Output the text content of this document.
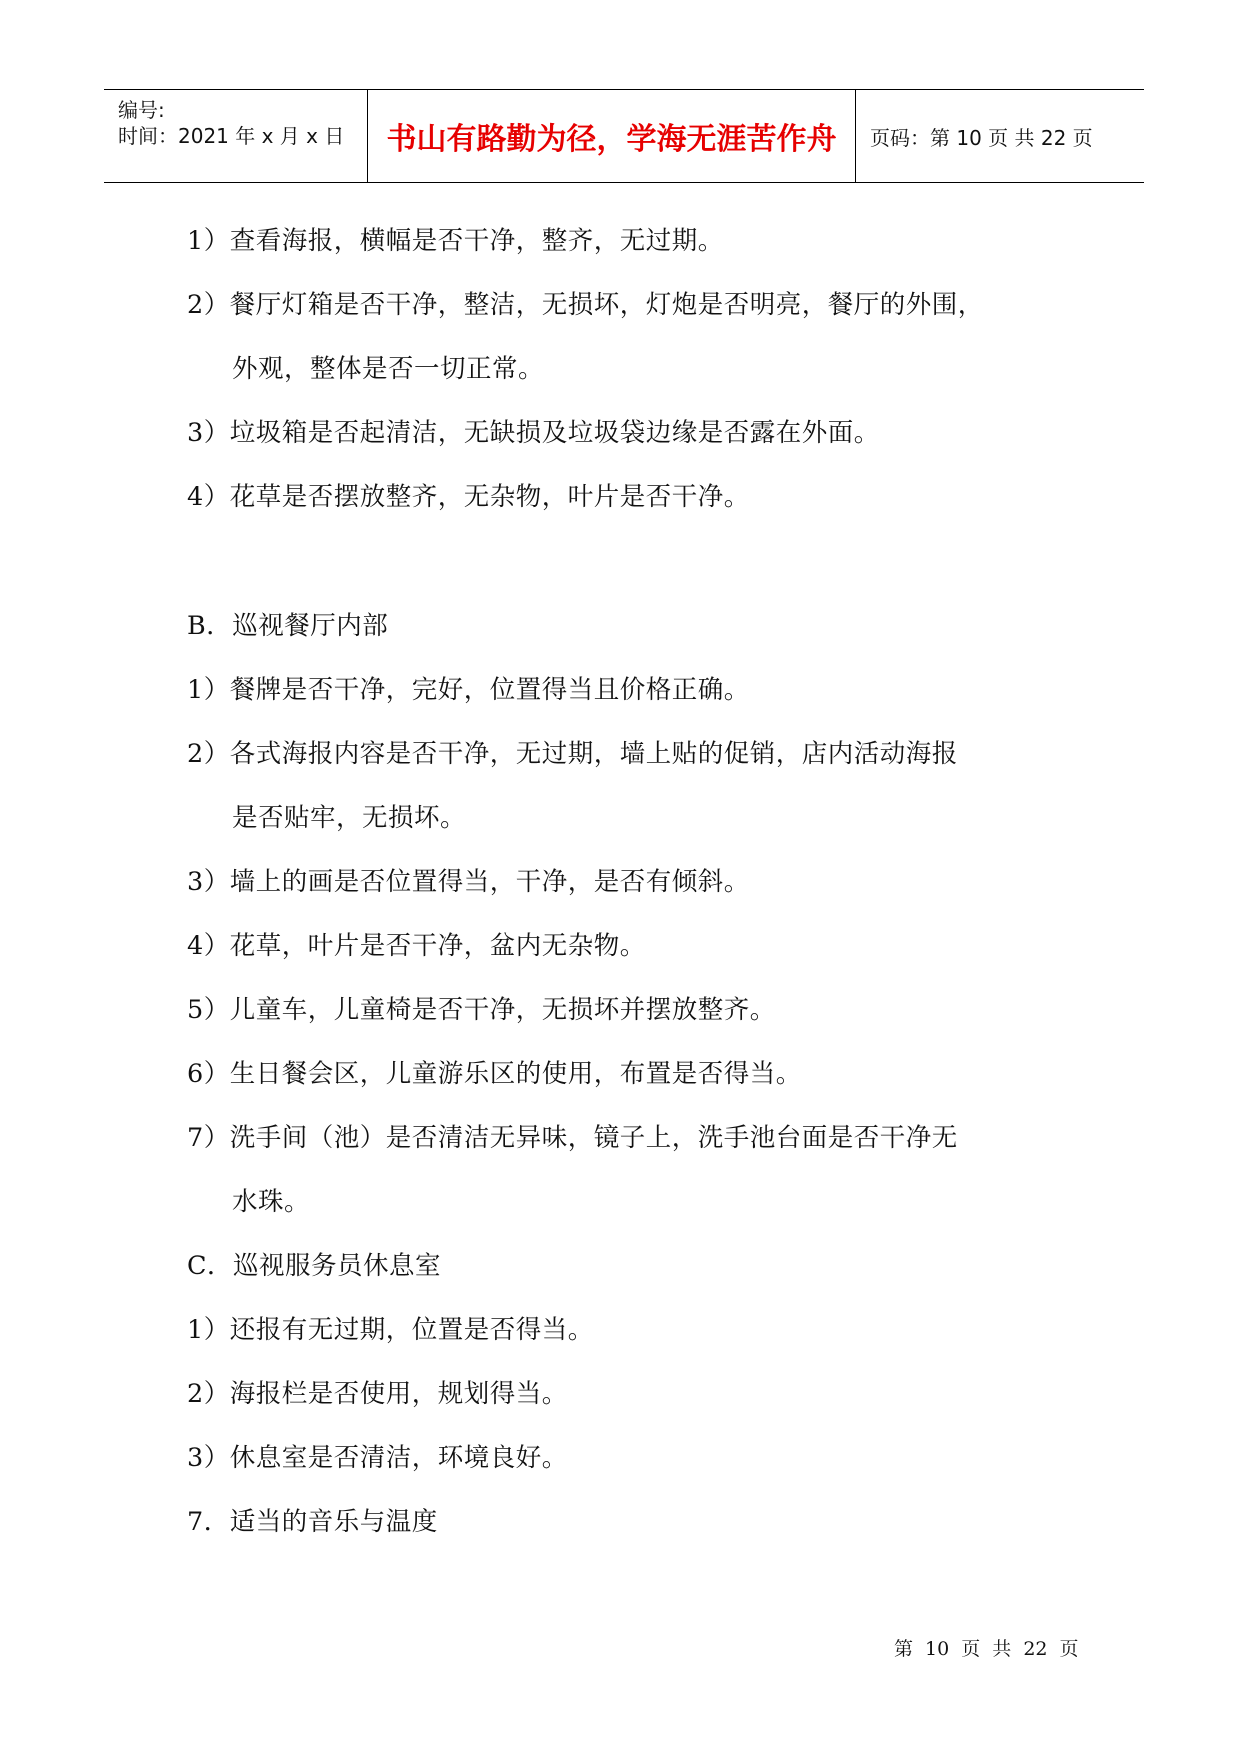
编号:
时间：2021 年 x 月 x 日 书山有路勤为径，学海无涯苦作舟 页码：第 10 页 共 22 页
1）查看海报，横幅是否干净，整齐，无过期。
2）餐厅灯箱是否干净，整洁，无损坏，灯炮是否明亮，餐厅的外围，
外观，整体是否一切正常。
3）垃圾箱是否起清洁，无缺损及垃圾袋边缘是否露在外面。
4）花草是否摆放整齐，无杂物，叶片是否干净。
B．巡视餐厅内部
1）餐牌是否干净，完好，位置得当且价格正确。
2）各式海报内容是否干净，无过期，墙上贴的促销，店内活动海报
是否贴牢，无损坏。
3）墙上的画是否位置得当，干净，是否有倾斜。
4）花草，叶片是否干净，盆内无杂物。
5）儿童车，儿童椅是否干净，无损坏并摆放整齐。
6）生日餐会区，儿童游乐区的使用，布置是否得当。
7）洗手间（池）是否清洁无异味，镜子上，洗手池台面是否干净无
水珠。
C．巡视服务员休息室
1）还报有无过期，位置是否得当。
2）海报栏是否使用，规划得当。
3）休息室是否清洁，环境良好。
7．适当的音乐与温度
第 10 页 共 22 页
